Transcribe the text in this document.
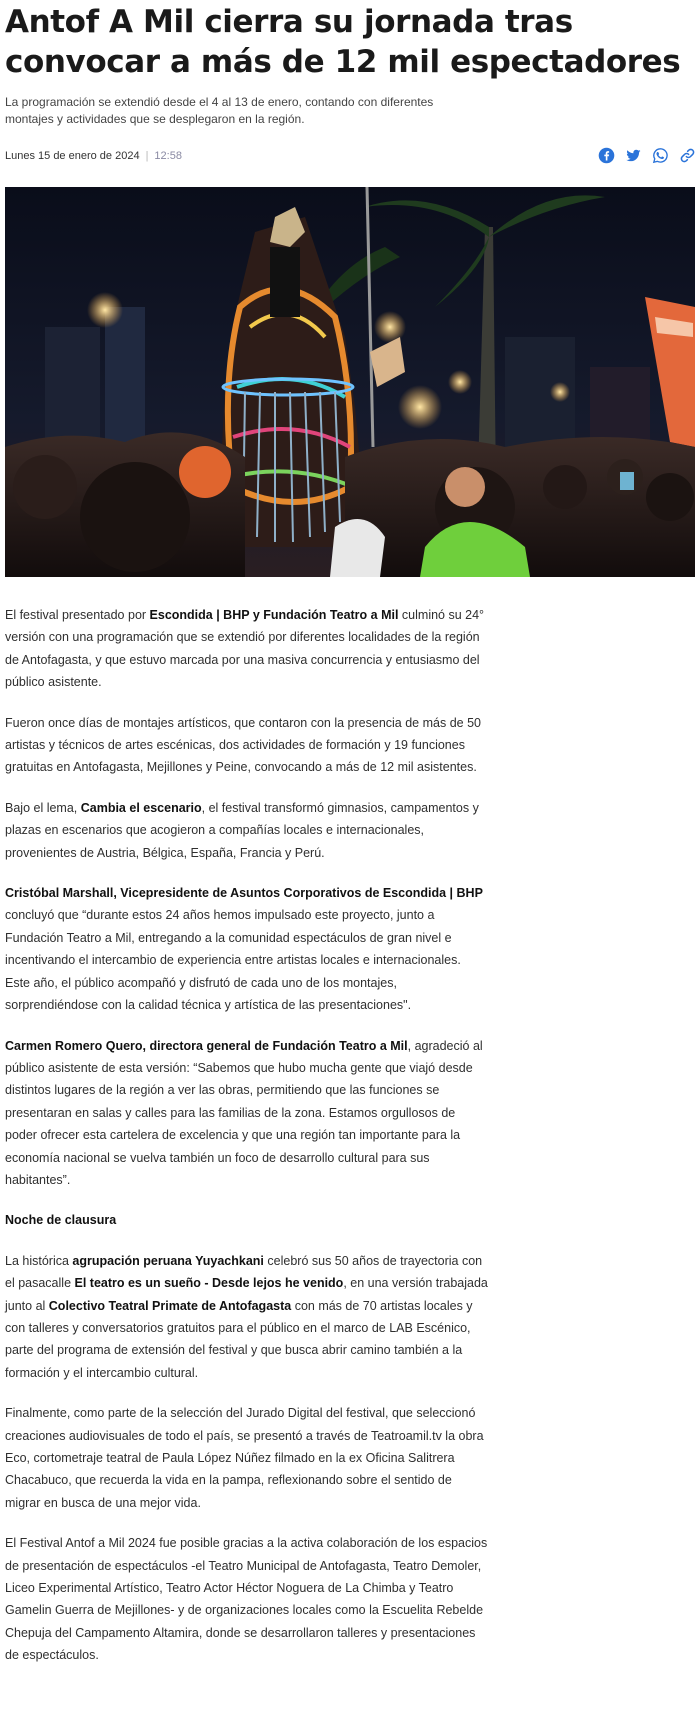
Antof A Mil cierra su jornada tras convocar a más de 12 mil espectadores

La programación se extendió desde el 4 al 13 de enero, contando con diferentes montajes y actividades que se desplegaron en la región.

Lunes 15 de enero de 2024 | 12:58

El festival presentado por Escondida | BHP y Fundación Teatro a Mil culminó su 24° versión con una programación que se extendió por diferentes localidades de la región de Antofagasta, y que estuvo marcada por una masiva concurrencia y entusiasmo del público asistente.

Fueron once días de montajes artísticos, que contaron con la presencia de más de 50 artistas y técnicos de artes escénicas, dos actividades de formación y 19 funciones gratuitas en Antofagasta, Mejillones y Peine, convocando a más de 12 mil asistentes.

Bajo el lema, Cambia el escenario, el festival transformó gimnasios, campamentos y plazas en escenarios que acogieron a compañías locales e internacionales, provenientes de Austria, Bélgica, España, Francia y Perú.

Cristóbal Marshall, Vicepresidente de Asuntos Corporativos de Escondida | BHP concluyó que “durante estos 24 años hemos impulsado este proyecto, junto a Fundación Teatro a Mil, entregando a la comunidad espectáculos de gran nivel e incentivando el intercambio de experiencia entre artistas locales e internacionales. Este año, el público acompañó y disfrutó de cada uno de los montajes, sorprendiéndose con la calidad técnica y artística de las presentaciones".

Carmen Romero Quero, directora general de Fundación Teatro a Mil, agradeció al público asistente de esta versión: “Sabemos que hubo mucha gente que viajó desde distintos lugares de la región a ver las obras, permitiendo que las funciones se presentaran en salas y calles para las familias de la zona. Estamos orgullosos de poder ofrecer esta cartelera de excelencia y que una región tan importante para la economía nacional se vuelva también un foco de desarrollo cultural para sus habitantes”.

Noche de clausura

La histórica agrupación peruana Yuyachkani celebró sus 50 años de trayectoria con el pasacalle El teatro es un sueño - Desde lejos he venido, en una versión trabajada junto al Colectivo Teatral Primate de Antofagasta con más de 70 artistas locales y con talleres y conversatorios gratuitos para el público en el marco de LAB Escénico, parte del programa de extensión del festival y que busca abrir camino también a la formación y el intercambio cultural.

Finalmente, como parte de la selección del Jurado Digital del festival, que seleccionó creaciones audiovisuales de todo el país, se presentó a través de Teatroamil.tv la obra Eco, cortometraje teatral de Paula López Núñez filmado en la ex Oficina Salitrera Chacabuco, que recuerda la vida en la pampa, reflexionando sobre el sentido de migrar en busca de una mejor vida.

El Festival Antof a Mil 2024 fue posible gracias a la activa colaboración de los espacios de presentación de espectáculos -el Teatro Municipal de Antofagasta, Teatro Demoler, Liceo Experimental Artístico, Teatro Actor Héctor Noguera de La Chimba y Teatro Gamelin Guerra de Mejillones- y de organizaciones locales como la Escuelita Rebelde Chepuja del Campamento Altamira, donde se desarrollaron talleres y presentaciones de espectáculos.
